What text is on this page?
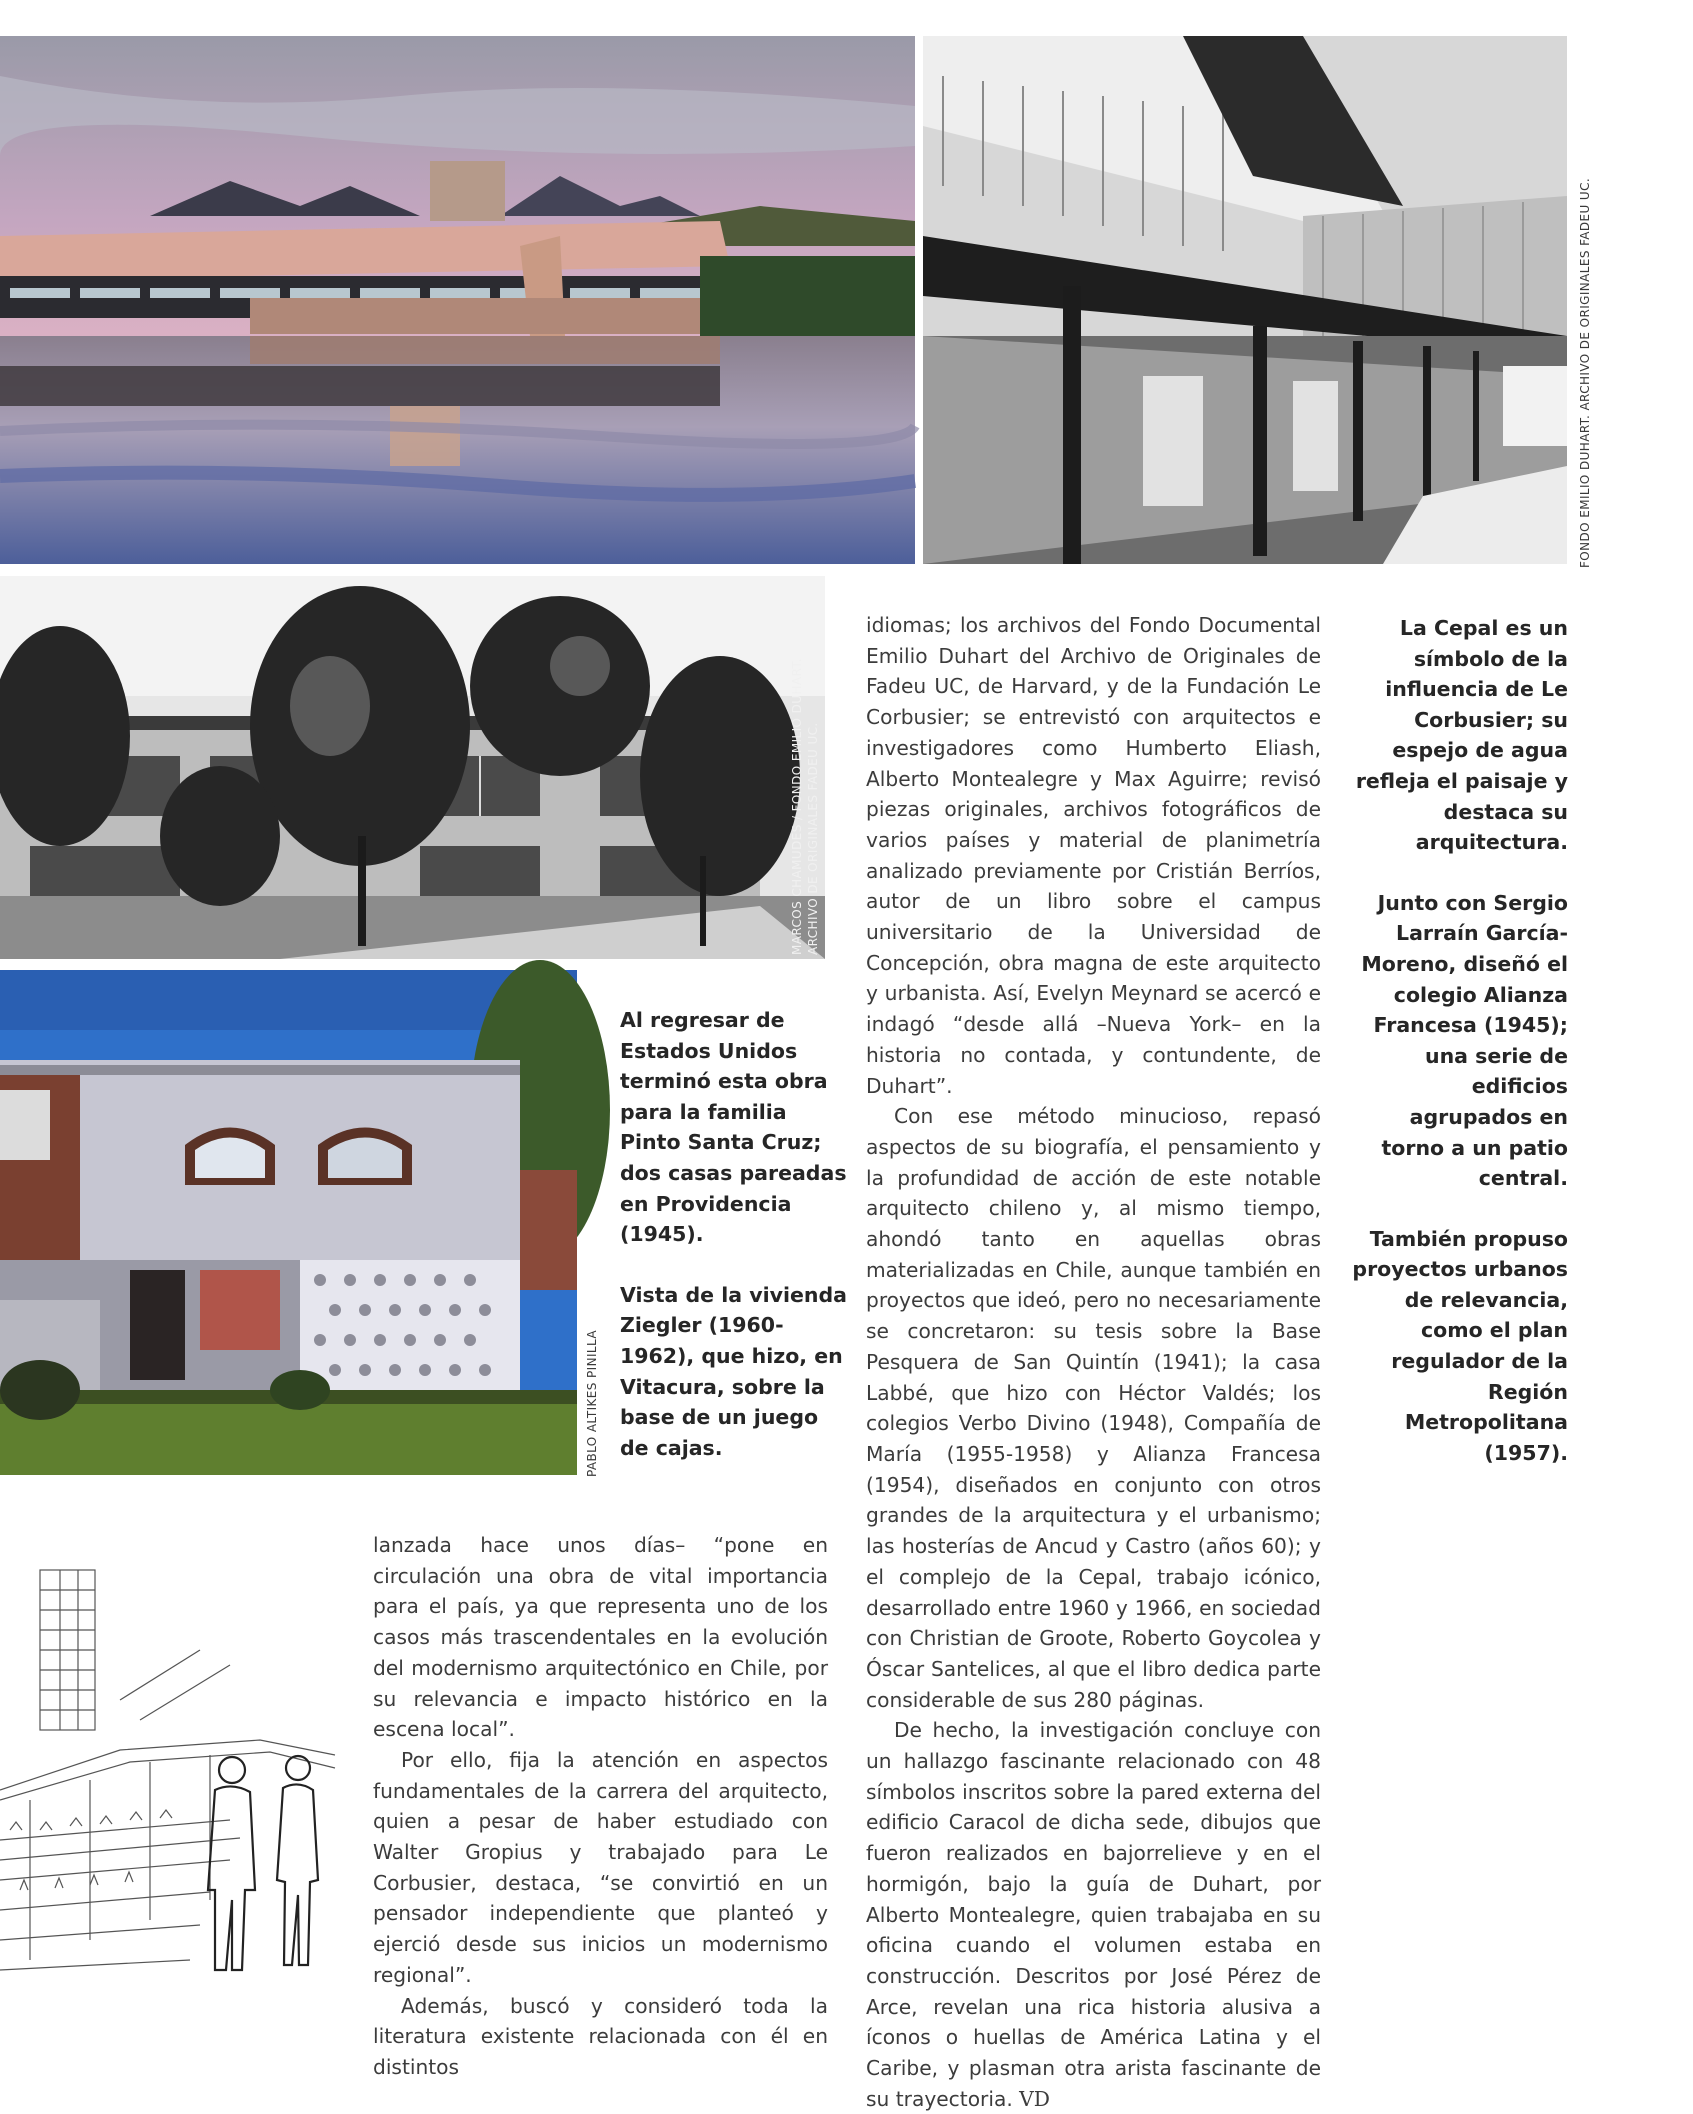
FONDO EMILIO DUHART. ARCHIVO DE ORIGINALES FADEU UC.
MARCOS CHAMUDES / FONDO EMILIO DUHART. ARCHIVO DE ORIGINALES FADEU UC.
PABLO ALTIKES PINILLA

Al regresar de Estados Unidos terminó esta obra para la familia Pinto Santa Cruz; dos casas pareadas en Providencia (1945).

Vista de la vivienda Ziegler (1960-1962), que hizo, en Vitacura, sobre la base de un juego de cajas.

La Cepal es un símbolo de la influencia de Le Corbusier; su espejo de agua refleja el paisaje y destaca su arquitectura.

Junto con Sergio Larraín García-Moreno, diseñó el colegio Alianza Francesa (1945); una serie de edificios agrupados en torno a un patio central.

También propuso proyectos urbanos de relevancia, como el plan regulador de la Región Metropolitana (1957).

lanzada hace unos días– “pone en circulación una obra de vital importancia para el país, ya que representa uno de los casos más trascendentales en la evolución del modernismo arquitectónico en Chile, por su relevancia e impacto histórico en la escena local”.

Por ello, fija la atención en aspectos fundamentales de la carrera del arquitecto, quien a pesar de haber estudiado con Walter Gropius y trabajado para Le Corbusier, destaca, “se convirtió en un pensador independiente que planteó y ejerció desde sus inicios un modernismo regional”.

Además, buscó y consideró toda la literatura existente relacionada con él en distintos

idiomas; los archivos del Fondo Documental Emilio Duhart del Archivo de Originales de Fadeu UC, de Harvard, y de la Fundación Le Corbusier; se entrevistó con arquitectos e investigadores como Humberto Eliash, Alberto Montealegre y Max Aguirre; revisó piezas originales, archivos fotográficos de varios países y material de planimetría analizado previamente por Cristián Berríos, autor de un libro sobre el campus universitario de la Universidad de Concepción, obra magna de este arquitecto y urbanista. Así, Evelyn Meynard se acercó e indagó “desde allá –Nueva York– en la historia no contada, y contundente, de Duhart”.

Con ese método minucioso, repasó aspectos de su biografía, el pensamiento y la profundidad de acción de este notable arquitecto chileno y, al mismo tiempo, ahondó tanto en aquellas obras materializadas en Chile, aunque también en proyectos que ideó, pero no necesariamente se concretaron: su tesis sobre la Base Pesquera de San Quintín (1941); la casa Labbé, que hizo con Héctor Valdés; los colegios Verbo Divino (1948), Compañía de María (1955-1958) y Alianza Francesa (1954), diseñados en conjunto con otros grandes de la arquitectura y el urbanismo; las hosterías de Ancud y Castro (años 60); y el complejo de la Cepal, trabajo icónico, desarrollado entre 1960 y 1966, en sociedad con Christian de Groote, Roberto Goycolea y Óscar Santelices, al que el libro dedica parte considerable de sus 280 páginas.

De hecho, la investigación concluye con un hallazgo fascinante relacionado con 48 símbolos inscritos sobre la pared externa del edificio Caracol de dicha sede, dibujos que fueron realizados en bajorrelieve y en el hormigón, bajo la guía de Duhart, por Alberto Montealegre, quien trabajaba en su oficina cuando el volumen estaba en construcción. Descritos por José Pérez de Arce, revelan una rica historia alusiva a íconos o huellas de América Latina y el Caribe, y plasman otra arista fascinante de su trayectoria. VD
